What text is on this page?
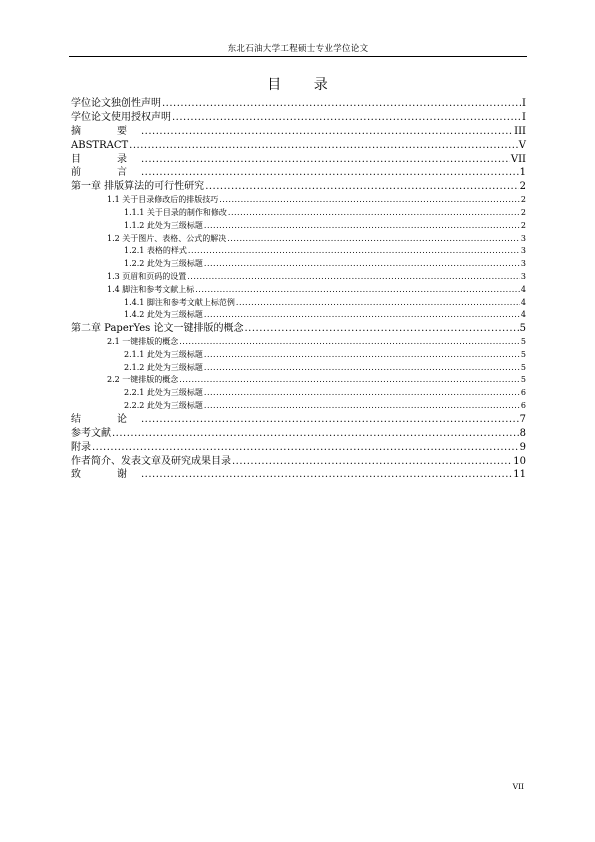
东北石油大学工程硕士专业学位论文
目 录
学位论文独创性声明 .....	I
学位论文使用授权声明 .....	I
摘　要 .....	III
ABSTRACT .....	V
目　录 .....	VII
前　言 .....	1
第一章 排版算法的可行性研究 .....	2
1.1 关于目录修改后的排版技巧 .....	2
1.1.1 关于目录的制作和修改 .....	2
1.1.2 此处为三级标题 .....	2
1.2 关于图片、表格、公式的解决 .....	3
1.2.1 表格的样式 .....	3
1.2.2 此处为三级标题 .....	3
1.3 页眉和页码的设置 .....	3
1.4 脚注和参考文献上标 .....	4
1.4.1 脚注和参考文献上标范例 .....	4
1.4.2 此处为三级标题 .....	4
第二章 PaperYes 论文一键排版的概念 .....	5
2.1 一键排版的概念 .....	5
2.1.1 此处为三级标题 .....	5
2.1.2 此处为三级标题 .....	5
2.2 一键排版的概念 .....	5
2.2.1 此处为三级标题 .....	6
2.2.2 此处为三级标题 .....	6
结　论 .....	7
参考文献 .....	8
附录 .....	9
作者简介、发表文章及研究成果目录 .....	10
致　谢 .....	11
VII
